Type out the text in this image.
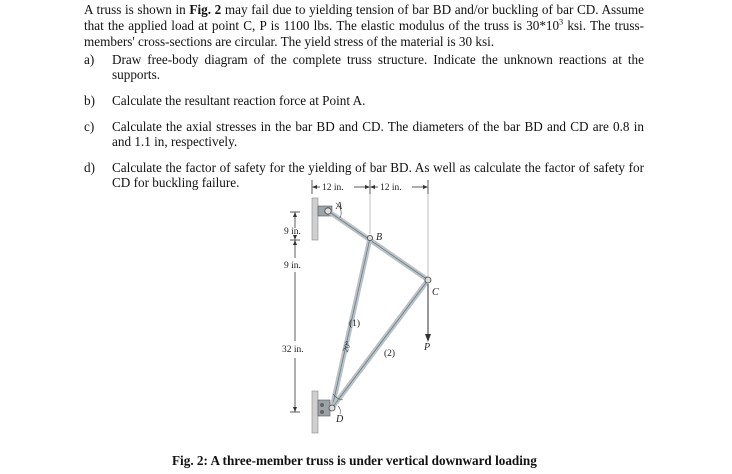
A truss is shown in Fig. 2 may fail due to yielding tension of bar BD and/or buckling of bar CD. Assume that the applied load at point C, P is 1100 lbs. The elastic modulus of the truss is $30*10^3$ ksi. The truss-members' cross-sections are circular. The yield stress of the material is 30 ksi.
a) Draw free-body diagram of the complete truss structure. Indicate the unknown reactions at the supports.
b) Calculate the resultant reaction force at Point A.
c) Calculate the axial stresses in the bar BD and CD. The diameters of the bar BD and CD are 0.8 in and 1.1 in, respectively.
d) Calculate the factor of safety for the yielding of bar BD. As well as calculate the factor of safety for CD for buckling failure.	12 in.	12 in.
9 in.
9 in.
32 in.
A
B
C
D
P
(1)
(2)
20°
Fig. 2: A three-member truss is under vertical downward loading
